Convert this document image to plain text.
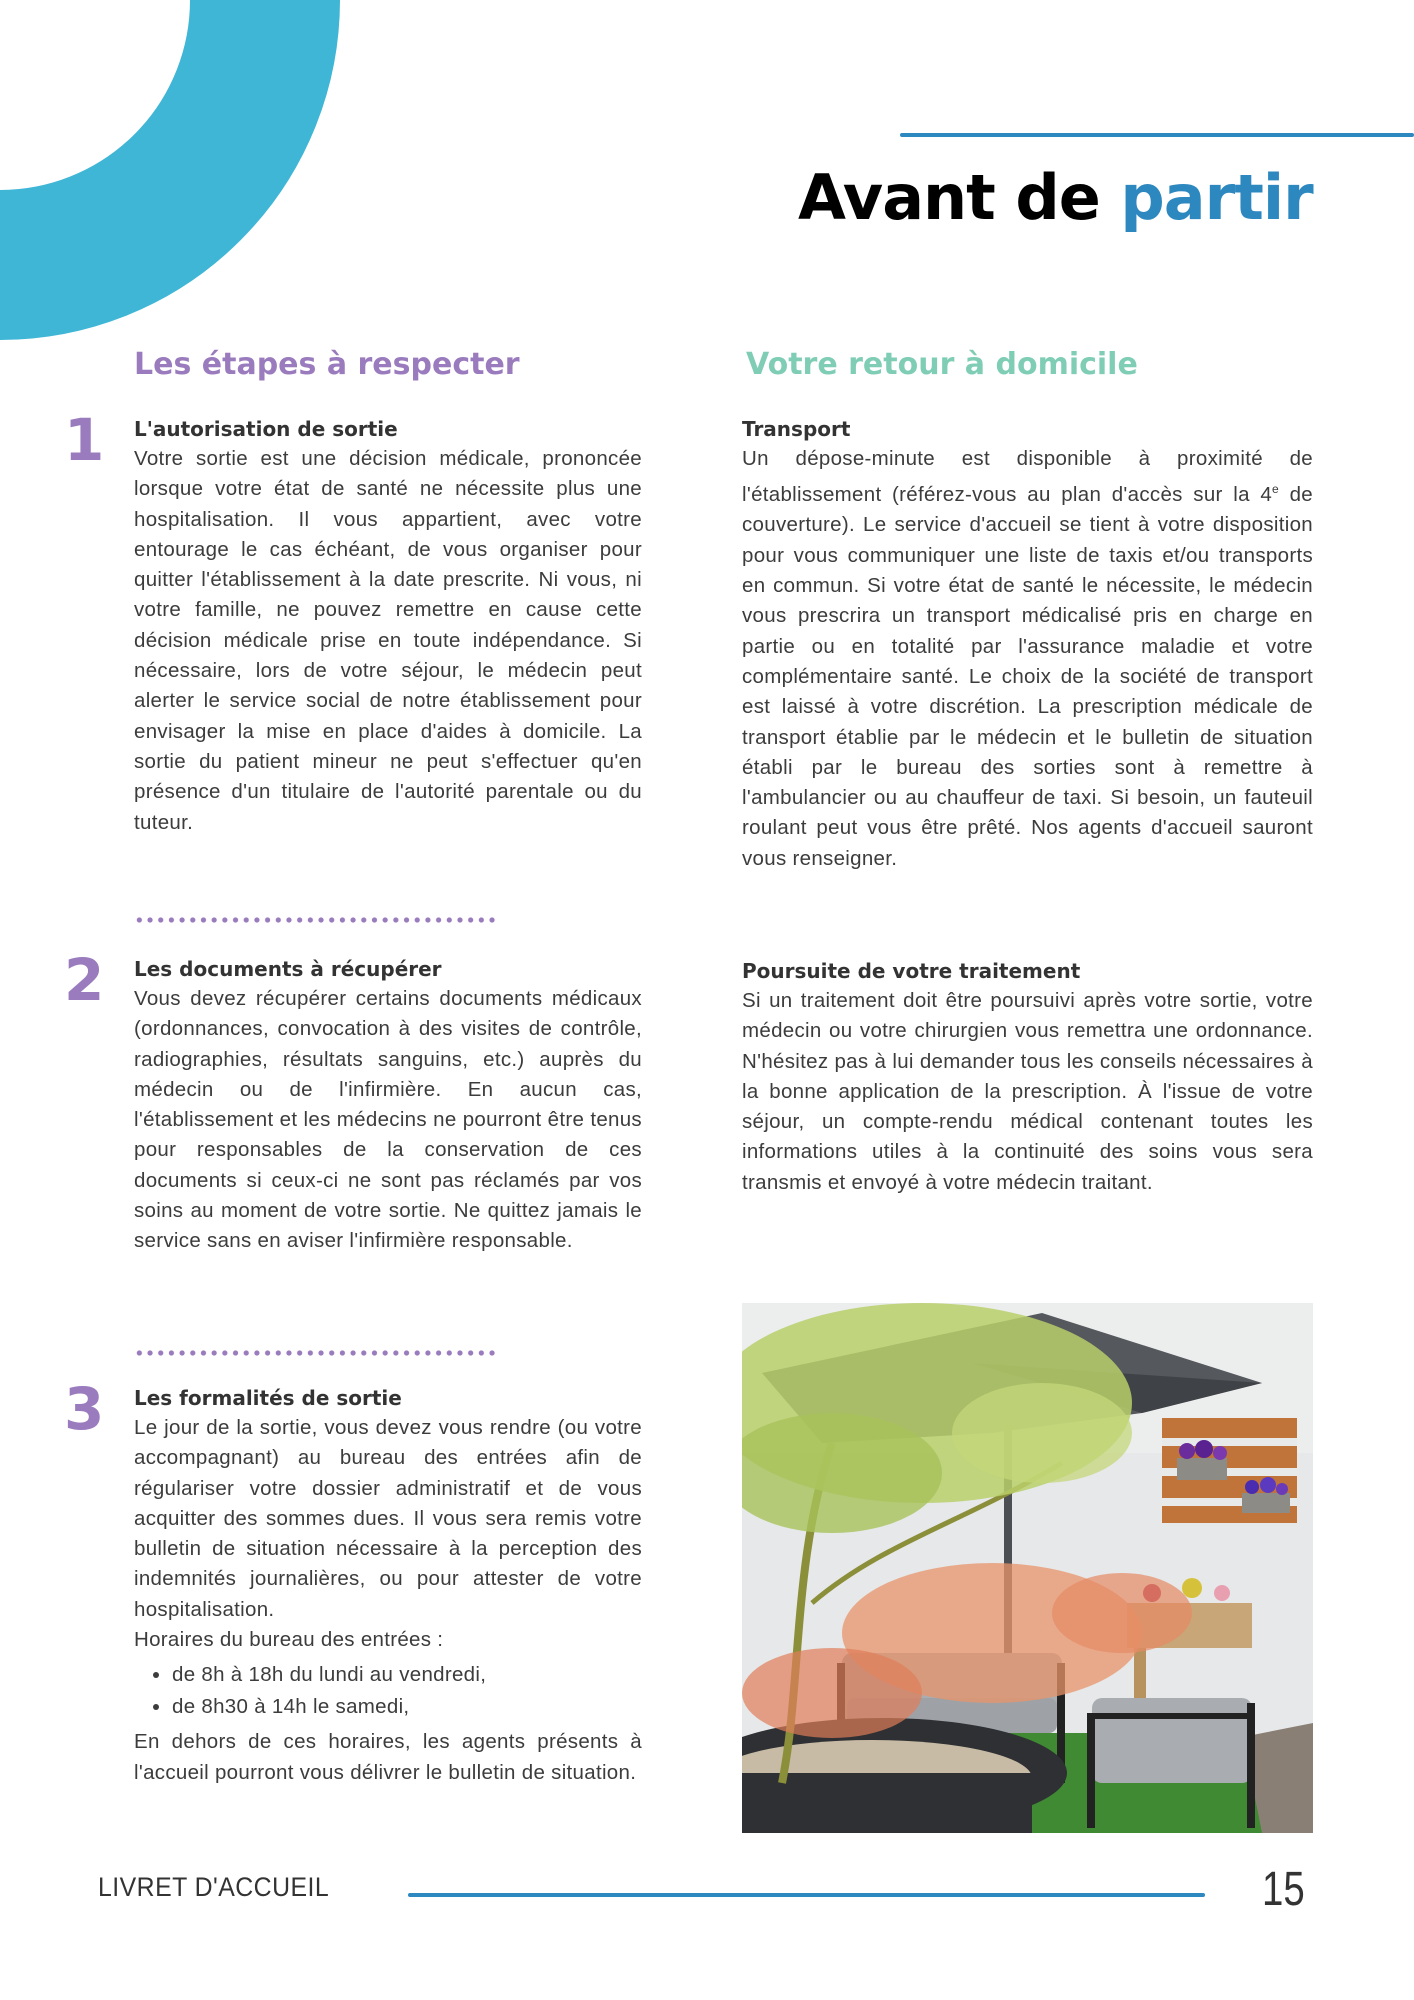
Avant de partir
Les étapes à respecter	Votre retour à domicile
1 L'autorisation de sortie

Votre sortie est une décision médicale, prononcée lorsque votre état de santé ne nécessite plus une hospitalisation. Il vous appartient, avec votre entourage le cas échéant, de vous organiser pour quitter l'établissement à la date prescrite. Ni vous, ni votre famille, ne pouvez remettre en cause cette décision médicale prise en toute indépendance. Si nécessaire, lors de votre séjour, le médecin peut alerter le service social de notre établissement pour envisager la mise en place d'aides à domicile. La sortie du patient mineur ne peut s'effectuer qu'en présence d'un titulaire de l'autorité parentale ou du tuteur.

2 Les documents à récupérer

Vous devez récupérer certains documents médicaux (ordonnances, convocation à des visites de contrôle, radiographies, résultats sanguins, etc.) auprès du médecin ou de l'infirmière. En aucun cas, l'établissement et les médecins ne pourront être tenus pour responsables de la conservation de ces documents si ceux-ci ne sont pas réclamés par vos soins au moment de votre sortie. Ne quittez jamais le service sans en aviser l'infirmière responsable.

3 Les formalités de sortie

Le jour de la sortie, vous devez vous rendre (ou votre accompagnant) au bureau des entrées afin de régulariser votre dossier administratif et de vous acquitter des sommes dues. Il vous sera remis votre bulletin de situation nécessaire à la perception des indemnités journalières, ou pour attester de votre hospitalisation.

Horaires du bureau des entrées :

• de 8h à 18h du lundi au vendredi,
• de 8h30 à 14h le samedi,

En dehors de ces horaires, les agents présents à l'accueil pourront vous délivrer le bulletin de situation.

Transport

Un dépose-minute est disponible à proximité de l'établissement (référez-vous au plan d'accès sur la 4e de couverture). Le service d'accueil se tient à votre disposition pour vous communiquer une liste de taxis et/ou transports en commun. Si votre état de santé le nécessite, le médecin vous prescrira un transport médicalisé pris en charge en partie ou en totalité par l'assurance maladie et votre complémentaire santé. Le choix de la société de transport est laissé à votre discrétion. La prescription médicale de transport établie par le médecin et le bulletin de situation établi par le bureau des sorties sont à remettre à l'ambulancier ou au chauffeur de taxi. Si besoin, un fauteuil roulant peut vous être prêté. Nos agents d'accueil sauront vous renseigner.

Poursuite de votre traitement

Si un traitement doit être poursuivi après votre sortie, votre médecin ou votre chirurgien vous remettra une ordonnance. N'hésitez pas à lui demander tous les conseils nécessaires à la bonne application de la prescription. À l'issue de votre séjour, un compte-rendu médical contenant toutes les informations utiles à la continuité des soins vous sera transmis et envoyé à votre médecin traitant.

LIVRET D'ACCUEIL	15
